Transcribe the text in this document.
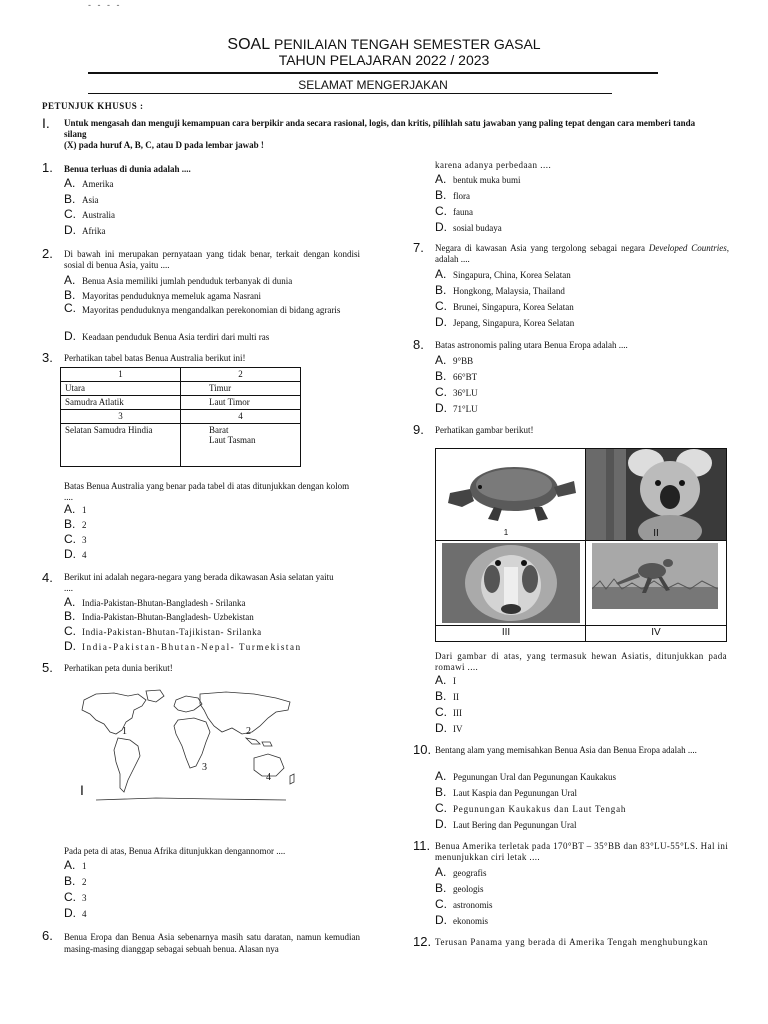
- - - -
SOAL PENILAIAN TENGAH SEMESTER GASAL
TAHUN PELAJARAN 2022 / 2023
SELAMAT MENGERJAKAN
PETUNJUK KHUSUS :
I. Untuk mengasah dan menguji kemampuan cara berpikir anda secara rasional, logis, dan kritis, pilihlah satu jawaban yang paling tepat dengan cara memberi tanda silang
(X) pada huruf A, B, C, atau D pada lembar jawab !
1. Benua terluas di dunia adalah ....
A. Amerika
B. Asia
C. Australia
D. Afrika
2. Di bawah ini merupakan pernyataan yang tidak benar, terkait dengan kondisi sosial di benua Asia, yaitu ....
A. Benua Asia memiliki jumlah penduduk terbanyak di dunia
B. Mayoritas penduduknya memeluk agama Nasrani
C. Mayoritas penduduknya mengandalkan perekonomian di bidang agraris
D. Keadaan penduduk Benua Asia terdiri dari multi ras
3. Perhatikan tabel batas Benua Australia berikut ini!
1	2
Utara	Timur
Samudra Atlatik	Laut Timor
3	4
Selatan Samudra Hindia	Barat
Laut Tasman
Batas Benua Australia yang benar pada tabel di atas ditunjukkan dengan kolom ....
A. 1
B. 2
C. 3
D. 4
4. Berikut ini adalah negara-negara yang berada dikawasan Asia selatan yaitu ....
A. India-Pakistan-Bhutan-Bangladesh - Srilanka
B. India-Pakistan-Bhutan-Bangladesh- Uzbekistan
C. India-Pakistan-Bhutan-Tajikistan- Srilanka
D. India-Pakistan-Bhutan-Nepal- Turmekistan
5. Perhatikan peta dunia berikut!
1	2
3
4
I
Pada peta di atas, Benua Afrika ditunjukkan dengannomor ....
A. 1
B. 2
C. 3
D. 4
6. Benua Eropa dan Benua Asia sebenarnya masih satu daratan, namun kemudian masing-masing dianggap sebagai sebuah benua. Alasan nya
karena adanya perbedaan ....
A. bentuk muka bumi
B. flora
C. fauna
D. sosial budaya
7. Negara di kawasan Asia yang tergolong sebagai negara Developed Countries, adalah ....
A. Singapura, China, Korea Selatan
B. Hongkong, Malaysia, Thailand
C. Brunei, Singapura, Korea Selatan
D. Jepang, Singapura, Korea Selatan
8. Batas astronomis paling utara Benua Eropa adalah ....
A. 9°BB
B. 66°BT
C. 36°LU
D. 71°LU
9. Perhatikan gambar berikut!
1	II
III	IV
Dari gambar di atas, yang termasuk hewan Asiatis, ditunjukkan pada romawi ....
A. I
B. II
C. III
D. IV
10. Bentang alam yang memisahkan Benua Asia dan Benua Eropa adalah ....
A. Pegunungan Ural dan Pegunungan Kaukakus
B. Laut Kaspia dan Pegunungan Ural
C. Pegunungan Kaukakus dan Laut Tengah
D. Laut Bering dan Pegunungan Ural
11. Benua Amerika terletak pada 170°BT – 35°BB dan 83°LU-55°LS. Hal ini menunjukkan ciri letak ....
A. geografis
B. geologis
C. astronomis
D. ekonomis
12. Terusan Panama yang berada di Amerika Tengah menghubungkan
